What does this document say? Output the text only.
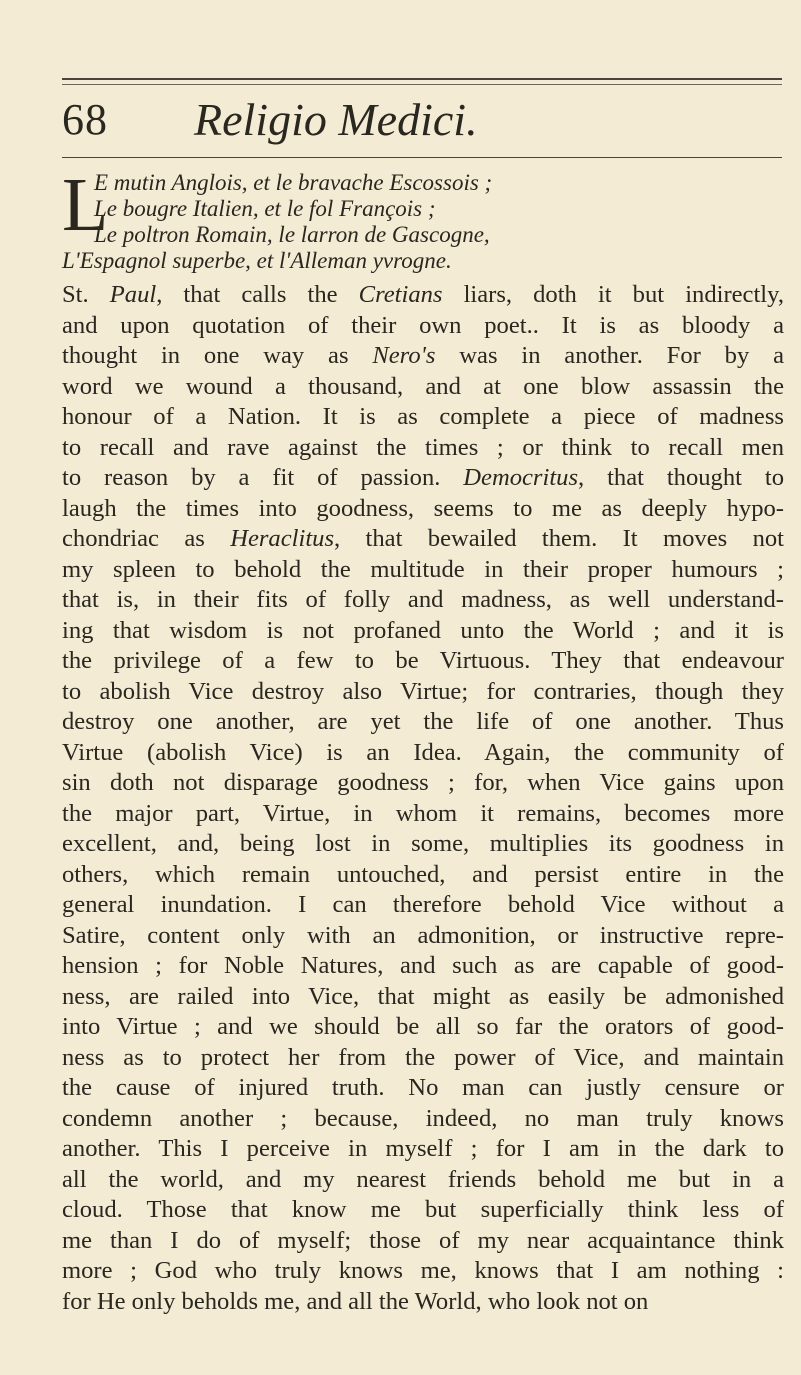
68 Religio Medici.
L
E mutin Anglois, et le bravache Escossois ;
Le bougre Italien, et le fol François ;
Le poltron Romain, le larron de Gascogne,
L'Espagnol superbe, et l'Alleman yvrogne.
St. Paul, that calls the Cretians liars, doth it but indirectly,
and upon quotation of their own poet.. It is as bloody a
thought in one way as Nero's was in another. For by a
word we wound a thousand, and at one blow assassin the
honour of a Nation. It is as complete a piece of madness
to recall and rave against the times ; or think to recall men
to reason by a fit of passion. Democritus, that thought to
laugh the times into goodness, seems to me as deeply hypo-
chondriac as Heraclitus, that bewailed them. It moves not
my spleen to behold the multitude in their proper humours ;
that is, in their fits of folly and madness, as well understand-
ing that wisdom is not profaned unto the World ; and it is
the privilege of a few to be Virtuous. They that endeavour
to abolish Vice destroy also Virtue; for contraries, though they
destroy one another, are yet the life of one another. Thus
Virtue (abolish Vice) is an Idea. Again, the community of
sin doth not disparage goodness ; for, when Vice gains upon
the major part, Virtue, in whom it remains, becomes more
excellent, and, being lost in some, multiplies its goodness in
others, which remain untouched, and persist entire in the
general inundation. I can therefore behold Vice without a
Satire, content only with an admonition, or instructive repre-
hension ; for Noble Natures, and such as are capable of good-
ness, are railed into Vice, that might as easily be admonished
into Virtue ; and we should be all so far the orators of good-
ness as to protect her from the power of Vice, and maintain
the cause of injured truth. No man can justly censure or
condemn another ; because, indeed, no man truly knows
another. This I perceive in myself ; for I am in the dark to
all the world, and my nearest friends behold me but in a
cloud. Those that know me but superficially think less of
me than I do of myself; those of my near acquaintance think
more ; God who truly knows me, knows that I am nothing :
for He only beholds me, and all the World, who look not on
